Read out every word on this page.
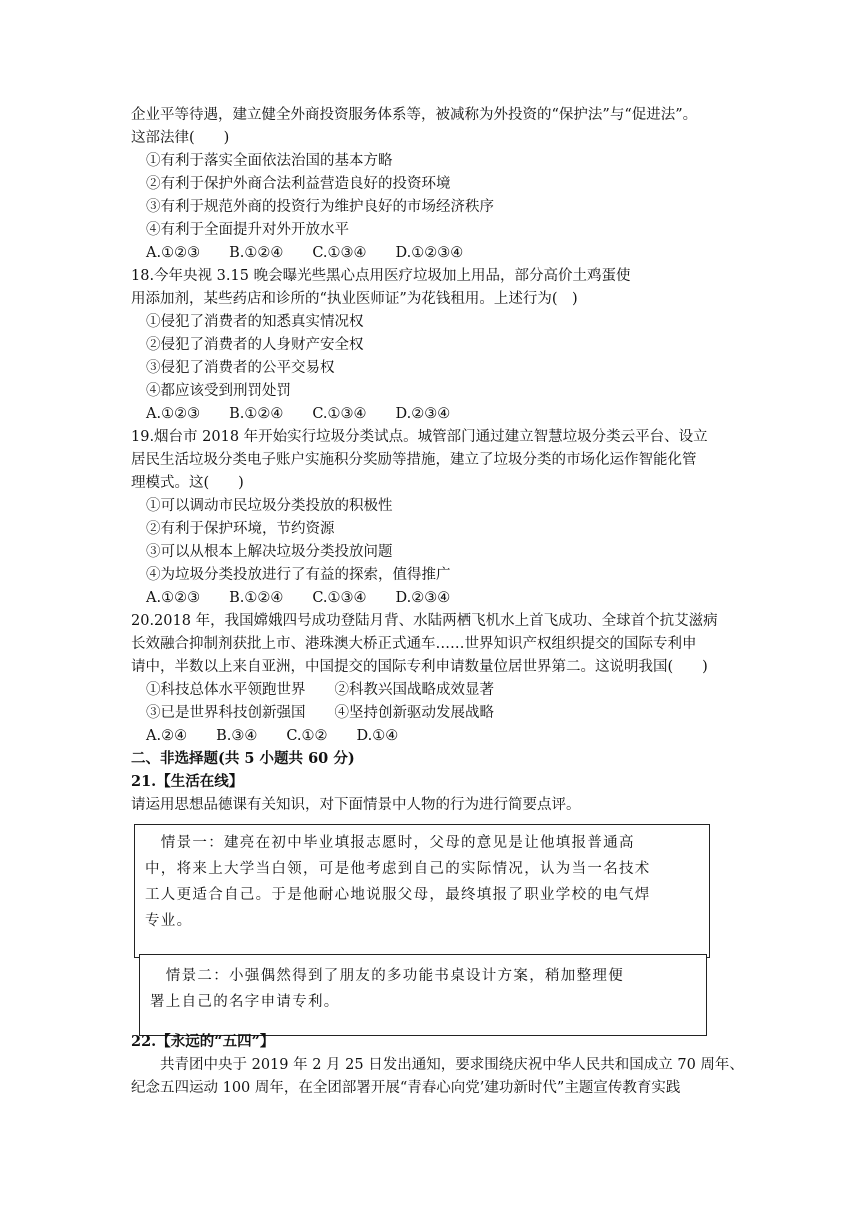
企业平等待遇，建立健全外商投资服务体系等，被减称为外投资的“保护法”与“促进法”。
这部法律(　　)
①有利于落实全面依法治国的基本方略
②有利于保护外商合法利益营造良好的投资环境
③有利于规范外商的投资行为维护良好的市场经济秩序
④有利于全面提升对外开放水平
A.①②③　　B.①②④　　C.①③④　　D.①②③④
18.今年央视 3.15 晚会曝光些黑心点用医疗垃圾加上用品，部分高价土鸡蛋使
用添加剂，某些药店和诊所的“执业医师证”为花钱租用。上述行为(　)
①侵犯了消费者的知悉真实情况权
②侵犯了消费者的人身财产安全权
③侵犯了消费者的公平交易权
④都应该受到刑罚处罚
A.①②③　　B.①②④　　C.①③④　　D.②③④
19.烟台市 2018 年开始实行垃圾分类试点。城管部门通过建立智慧垃圾分类云平台、设立
居民生活垃圾分类电子账户实施积分奖励等措施，建立了垃圾分类的市场化运作智能化管
理模式。这(　　)
①可以调动市民垃圾分类投放的积极性
②有利于保护环境，节约资源
③可以从根本上解决垃圾分类投放问题
④为垃圾分类投放进行了有益的探索，值得推广
A.①②③　　B.①②④　　C.①③④　　D.②③④
20.2018 年，我国嫦娥四号成功登陆月背、水陆两栖飞机水上首飞成功、全球首个抗艾滋病
长效融合抑制剂获批上市、港珠澳大桥正式通车……世界知识产权组织提交的国际专利申
请中，半数以上来自亚洲，中国提交的国际专利申请数量位居世界第二。这说明我国(　　)
①科技总体水平领跑世界　　②科教兴国战略成效显著
③已是世界科技创新强国　　④坚持创新驱动发展战略
A.②④　　B.③④　　C.①②　　D.①④
二、非选择题(共 5 小题共 60 分)
21.【生活在线】
请运用思想品德课有关知识，对下面情景中人物的行为进行简要点评。
　情景一：建亮在初中毕业填报志愿时，父母的意见是让他填报普通高
中，将来上大学当白领，可是他考虑到自己的实际情况，认为当一名技术
工人更适合自己。于是他耐心地说服父母，最终填报了职业学校的电气焊
专业。
　情景二：小强偶然得到了朋友的多功能书桌设计方案，稍加整理便
署上自己的名字申请专利。
22.【永远的“五四”】
　　共青团中央于 2019 年 2 月 25 日发出通知，要求围绕庆祝中华人民共和国成立 70 周年、
纪念五四运动 100 周年，在全团部署开展“青春心向党’建功新时代”主题宣传教育实践
